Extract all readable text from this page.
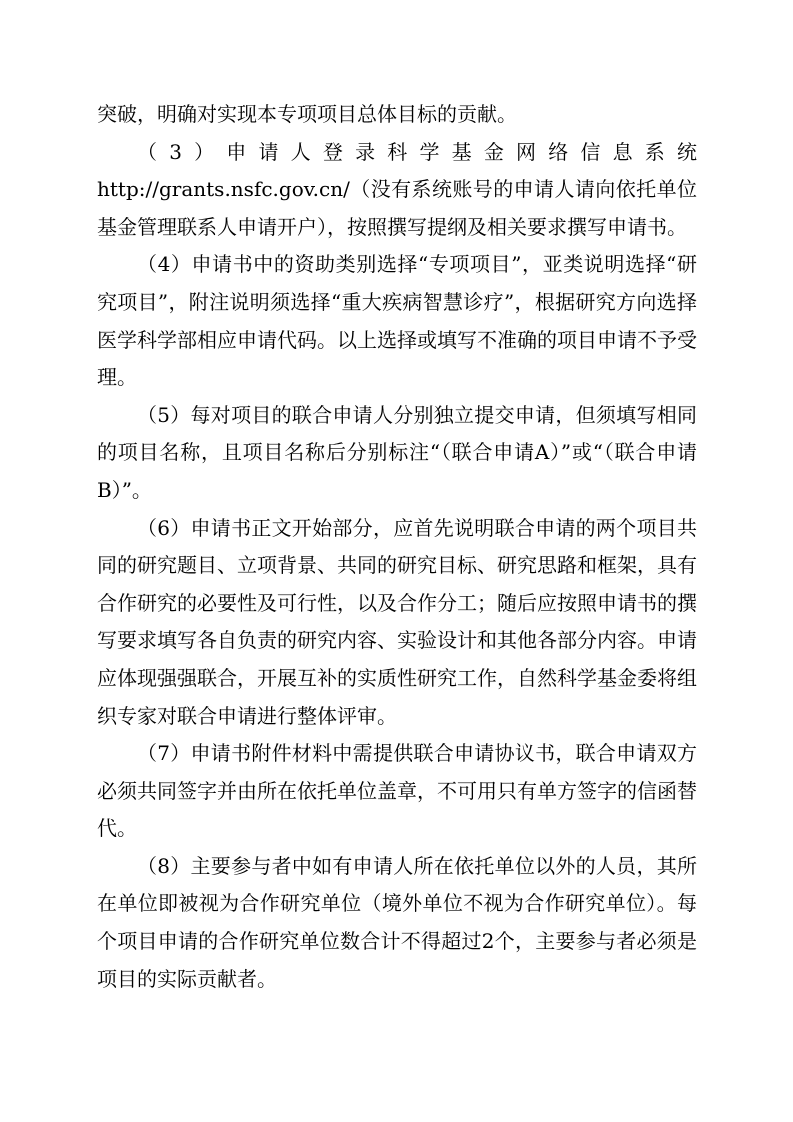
突破，明确对实现本专项项目总体目标的贡献。

（3）申请人登录科学基金网络信息系统http://grants.nsfc.gov.cn/（没有系统账号的申请人请向依托单位基金管理联系人申请开户），按照撰写提纲及相关要求撰写申请书。

（4）申请书中的资助类别选择“专项项目”，亚类说明选择“研究项目”，附注说明须选择“重大疾病智慧诊疗”，根据研究方向选择医学科学部相应申请代码。以上选择或填写不准确的项目申请不予受理。

（5）每对项目的联合申请人分别独立提交申请，但须填写相同的项目名称，且项目名称后分别标注“（联合申请A）”或“（联合申请B）”。

（6）申请书正文开始部分，应首先说明联合申请的两个项目共同的研究题目、立项背景、共同的研究目标、研究思路和框架，具有合作研究的必要性及可行性，以及合作分工；随后应按照申请书的撰写要求填写各自负责的研究内容、实验设计和其他各部分内容。申请应体现强强联合，开展互补的实质性研究工作，自然科学基金委将组织专家对联合申请进行整体评审。

（7）申请书附件材料中需提供联合申请协议书，联合申请双方必须共同签字并由所在依托单位盖章，不可用只有单方签字的信函替代。

（8）主要参与者中如有申请人所在依托单位以外的人员，其所在单位即被视为合作研究单位（境外单位不视为合作研究单位）。每个项目申请的合作研究单位数合计不得超过2个，主要参与者必须是项目的实际贡献者。
